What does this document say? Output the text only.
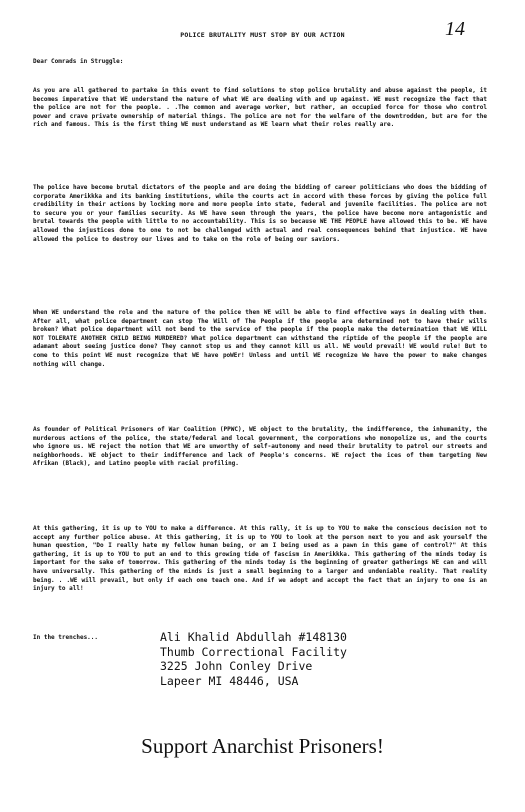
POLICE BRUTALITY MUST STOP BY OUR ACTION	14
Dear Comrads in Struggle:

As you are all gathered to partake in this event to find solutions to stop police brutality and abuse against the people, it becomes imperative that WE understand the nature of what WE are dealing with and up against. WE must recognize the fact that the police are not for the people. . .The common and average worker, but rather, an occupied force for those who control power and crave private ownership of material things. The police are not for the welfare of the downtrodden, but are for the rich and famous. This is the first thing WE must understand as WE learn what their roles really are.

The police have become brutal dictators of the people and are doing the bidding of career politicians who does the bidding of corporate Amerikkka and its banking institutions, while the courts act in accord with these forces by giving the police full credibility in their actions by locking more and more people into state, federal and juvenile facilities. The police are not to secure you or your families security. As WE have seen through the years, the police have become more antagonistic and brutal towards the people with little to no accountability. This is so because WE THE PEOPLE have allowed this to be. WE have allowed the injustices done to one to not be challenged with actual and real consequences behind that injustice. WE have allowed the police to destroy our lives and to take on the role of being our saviors.

When WE understand the role and the nature of the police then WE will be able to find effective ways in dealing with them. After all, what police department can stop The Will of The People if the people are determined not to have their wills broken? What police department will not bend to the service of the people if the people make the determination that WE WILL NOT TOLERATE ANOTHER CHILD BEING MURDERED? What police department can withstand the riptide of the people if the people are adamant about seeing justice done? They cannot stop us and they cannot kill us all. WE would prevail! WE would rule! But to come to this point WE must recognize that WE have poWEr! Unless and until WE recognize We have the power to make changes nothing will change.

As founder of Political Prisoners of War Coalition (PPWC), WE object to the brutality, the indifference, the inhumanity, the murderous actions of the police, the state/federal and local government, the corporations who monopolize us, and the courts who ignore us. WE reject the notion that WE are unworthy of self-autonomy and need their brutality to patrol our streets and neighborhoods. WE object to their indifference and lack of People's concerns. WE reject the ices of them targeting New Afrikan (Black), and Latino people with racial profiling.

At this gathering, it is up to YOU to make a difference. At this rally, it is up to YOU to make the conscious decision not to accept any further police abuse. At this gathering, it is up to YOU to look at the person next to you and ask yourself the human question, "Do I really hate my fellow human being, or am I being used as a pawn in this game of control?" At this gathering, it is up to YOU to put an end to this growing tide of fascism in Amerikkka. This gathering of the minds today is important for the sake of tomorrow. This gathering of the minds today is the beginning of greater gatherings WE can and will have universally. This gathering of the minds is just a small beginning to a larger and undeniable reality. That reality being. . .WE will prevail, but only if each one teach one. And if we adopt and accept the fact that an injury to one is an injury to all!

In the trenches...	Ali Khalid Abdullah #148130
Thumb Correctional Facility
3225 John Conley Drive
Lapeer MI 48446, USA
Support Anarchist Prisoners!
